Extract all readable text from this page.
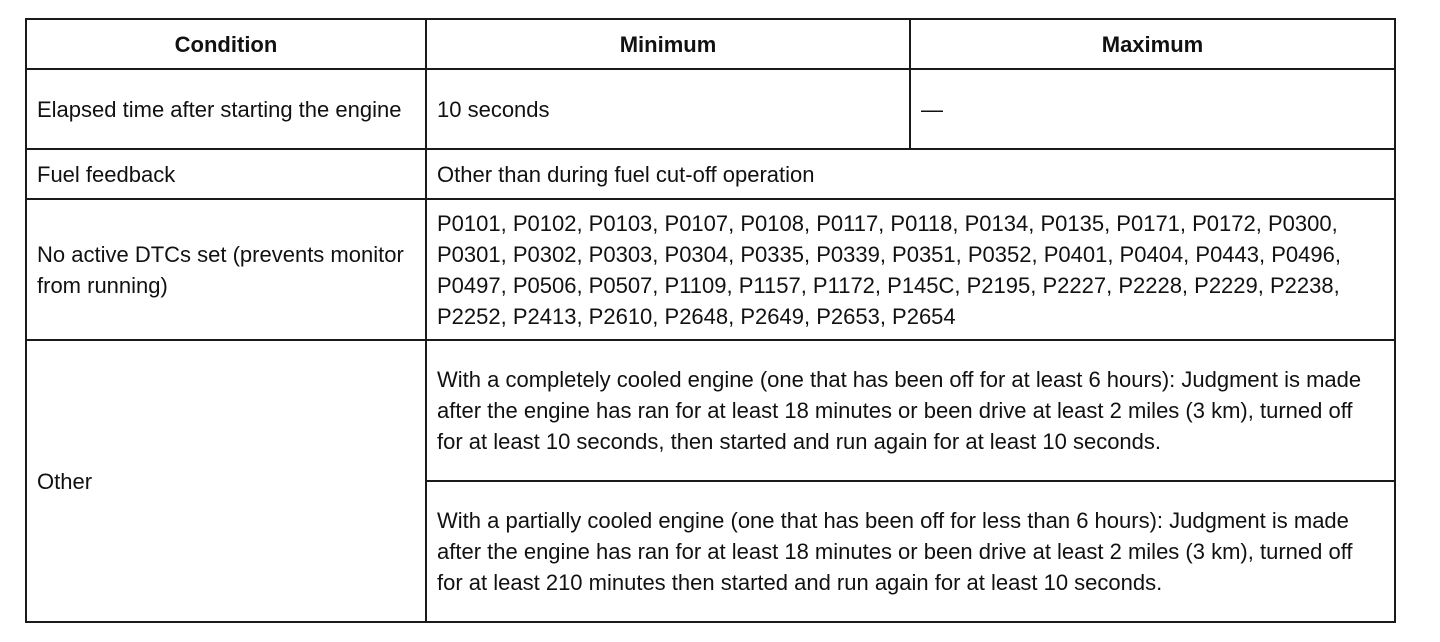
Condition	Minimum	Maximum
Elapsed time after starting the engine	10 seconds	—
Fuel feedback	Other than during fuel cut-off operation	
No active DTCs set (prevents monitor from running)	P0101, P0102, P0103, P0107, P0108, P0117, P0118, P0134, P0135, P0171, P0172, P0300, P0301, P0302, P0303, P0304, P0335, P0339, P0351, P0352, P0401, P0404, P0443, P0496, P0497, P0506, P0507, P1109, P1157, P1172, P145C, P2195, P2227, P2228, P2229, P2238, P2252, P2413, P2610, P2648, P2649, P2653, P2654	
Other	With a completely cooled engine (one that has been off for at least 6 hours): Judgment is made after the engine has ran for at least 18 minutes or been drive at least 2 miles (3 km), turned off for at least 10 seconds, then started and run again for at least 10 seconds.	
	With a partially cooled engine (one that has been off for less than 6 hours): Judgment is made after the engine has ran for at least 18 minutes or been drive at least 2 miles (3 km), turned off for at least 210 minutes then started and run again for at least 10 seconds.	
